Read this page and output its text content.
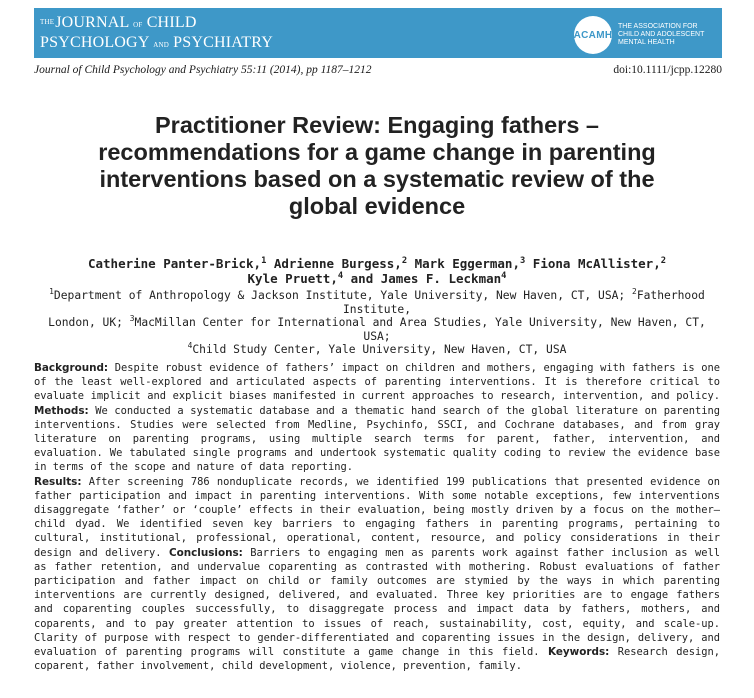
$^{THE}$JOURNAL OF CHILD
PSYCHOLOGY AND PSYCHIATRY	ACAMH
THE ASSOCIATION FOR
CHILD AND ADOLESCENT
MENTAL HEALTH
Journal of Child Psychology and Psychiatry 55:11 (2014), pp 1187–1212	doi:10.1111/jcpp.12280
Practitioner Review: Engaging fathers –
recommendations for a game change in parenting
interventions based on a systematic review of the
global evidence
Catherine Panter-Brick,$^1$ Adrienne Burgess,$^2$ Mark Eggerman,$^3$ Fiona McAllister,$^2$
Kyle Pruett,$^4$ and James F. Leckman$^4$
$^1$Department of Anthropology & Jackson Institute, Yale University, New Haven, CT, USA; $^2$Fatherhood Institute,
London, UK; $^3$MacMillan Center for International and Area Studies, Yale University, New Haven, CT, USA;
$^4$Child Study Center, Yale University, New Haven, CT, USA
Background: Despite robust evidence of fathers’ impact on children and mothers, engaging with fathers is one of the least well-explored and articulated aspects of parenting interventions. It is therefore critical to evaluate implicit and explicit biases manifested in current approaches to research, intervention, and policy. Methods: We conducted a systematic database and a thematic hand search of the global literature on parenting interventions. Studies were selected from Medline, Psychinfo, SSCI, and Cochrane databases, and from gray literature on parenting programs, using multiple search terms for parent, father, intervention, and evaluation. We tabulated single programs and undertook systematic quality coding to review the evidence base in terms of the scope and nature of data reporting.
Results: After screening 786 nonduplicate records, we identified 199 publications that presented evidence on father participation and impact in parenting interventions. With some notable exceptions, few interventions disaggregate ‘father’ or ‘couple’ effects in their evaluation, being mostly driven by a focus on the mother–child dyad. We identified seven key barriers to engaging fathers in parenting programs, pertaining to cultural, institutional, professional, operational, content, resource, and policy considerations in their design and delivery. Conclusions: Barriers to engaging men as parents work against father inclusion as well as father retention, and undervalue coparenting as contrasted with mothering. Robust evaluations of father participation and father impact on child or family outcomes are stymied by the ways in which parenting interventions are currently designed, delivered, and evaluated. Three key priorities are to engage fathers and coparenting couples successfully, to disaggregate process and impact data by fathers, mothers, and coparents, and to pay greater attention to issues of reach, sustainability, cost, equity, and scale-up. Clarity of purpose with respect to gender-differentiated and coparenting issues in the design, delivery, and evaluation of parenting programs will constitute a game change in this field. Keywords: Research design, coparent, father involvement, child development, violence, prevention, family.
